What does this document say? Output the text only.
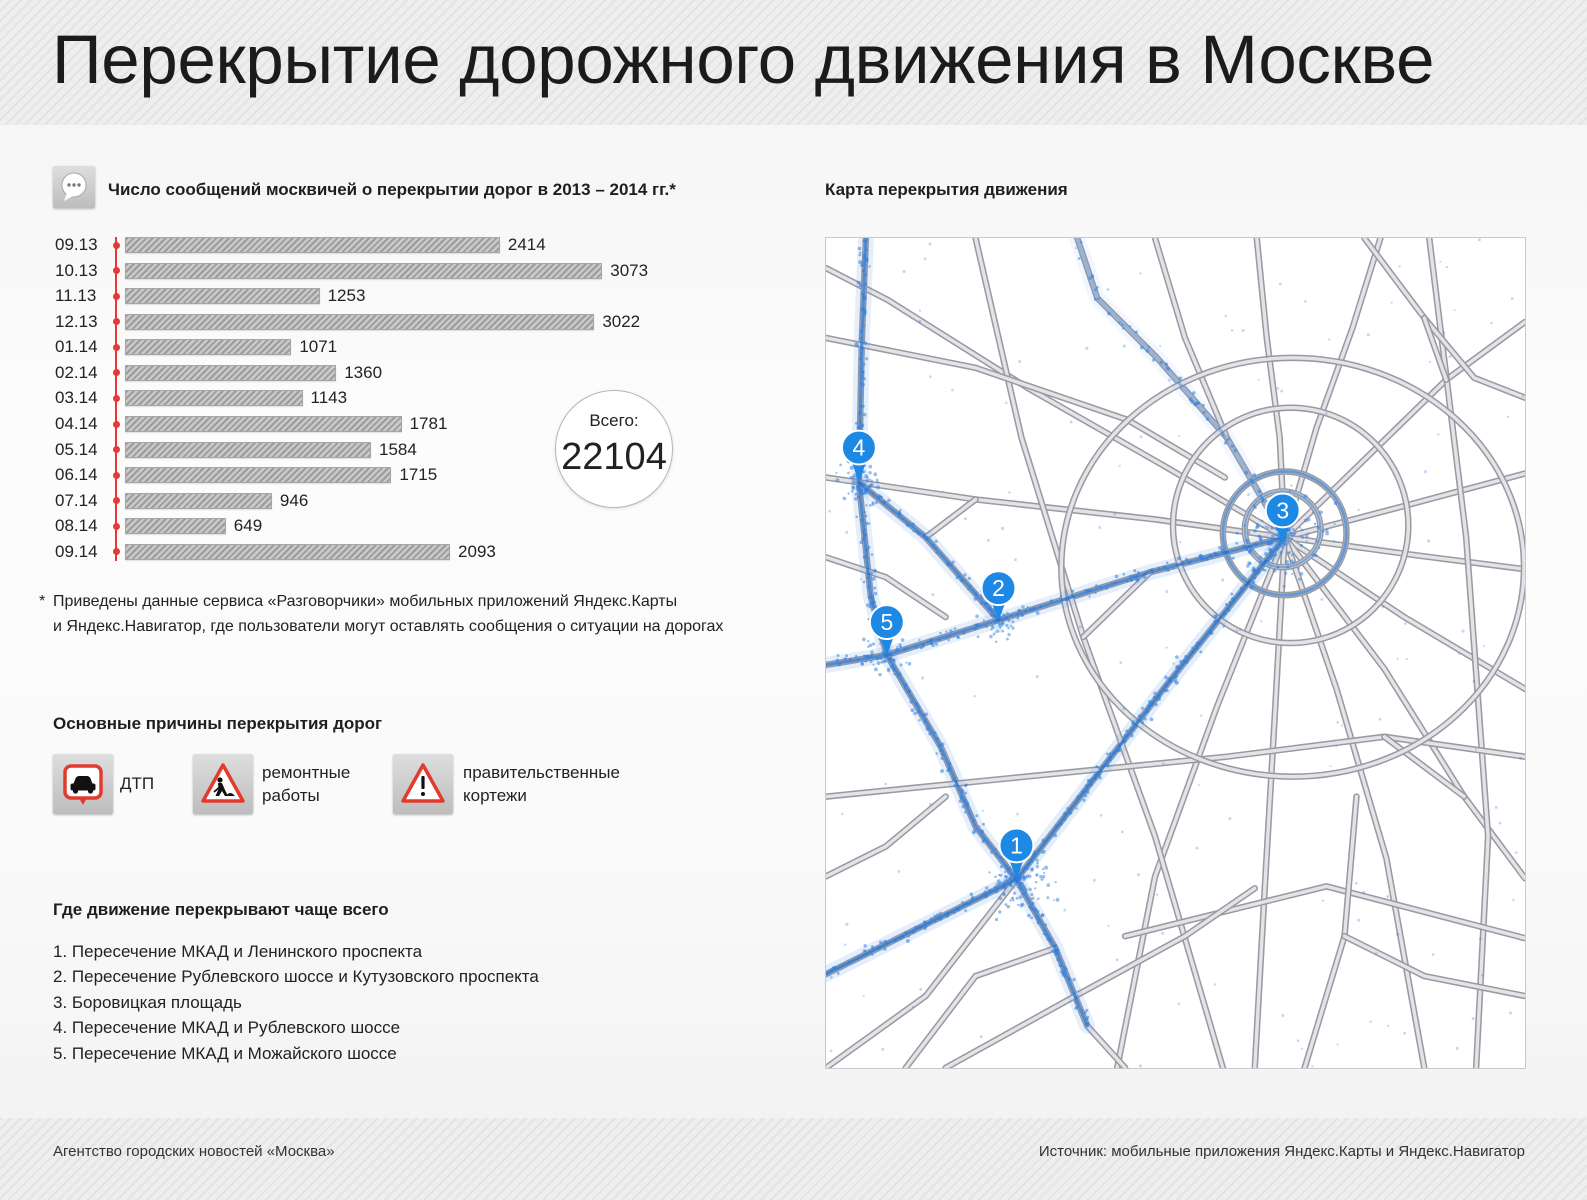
Перекрытие дорожного движения в Москве
Число сообщений москвичей о перекрытии дорог в 2013 – 2014 гг.*
09.13	2414
10.13	3073
11.13	1253
12.13	3022
01.14	1071
02.14	1360
03.14	1143
04.14	1781
05.14	1584
06.14	1715
07.14	946
08.14	649
09.14	2093
Всего:
22104
* Приведены данные сервиса «Разговорчики» мобильных приложений Яндекс.Карты
и Яндекс.Навигатор, где пользователи могут оставлять сообщения о ситуации на дорогах
Основные причины перекрытия дорог
ДТП
ремонтные
работы
правительственные
кортежи
Где движение перекрывают чаще всего
1. Пересечение МКАД и Ленинского проспекта
2. Пересечение Рублевского шоссе и Кутузовского проспекта
3. Боровицкая площадь
4. Пересечение МКАД и Рублевского шоссе
5. Пересечение МКАД и Можайского шоссе
Карта перекрытия движения
1
2
3
4
5
Агентство городских новостей «Москва»	Источник: мобильные приложения Яндекс.Карты и Яндекс.Навигатор
